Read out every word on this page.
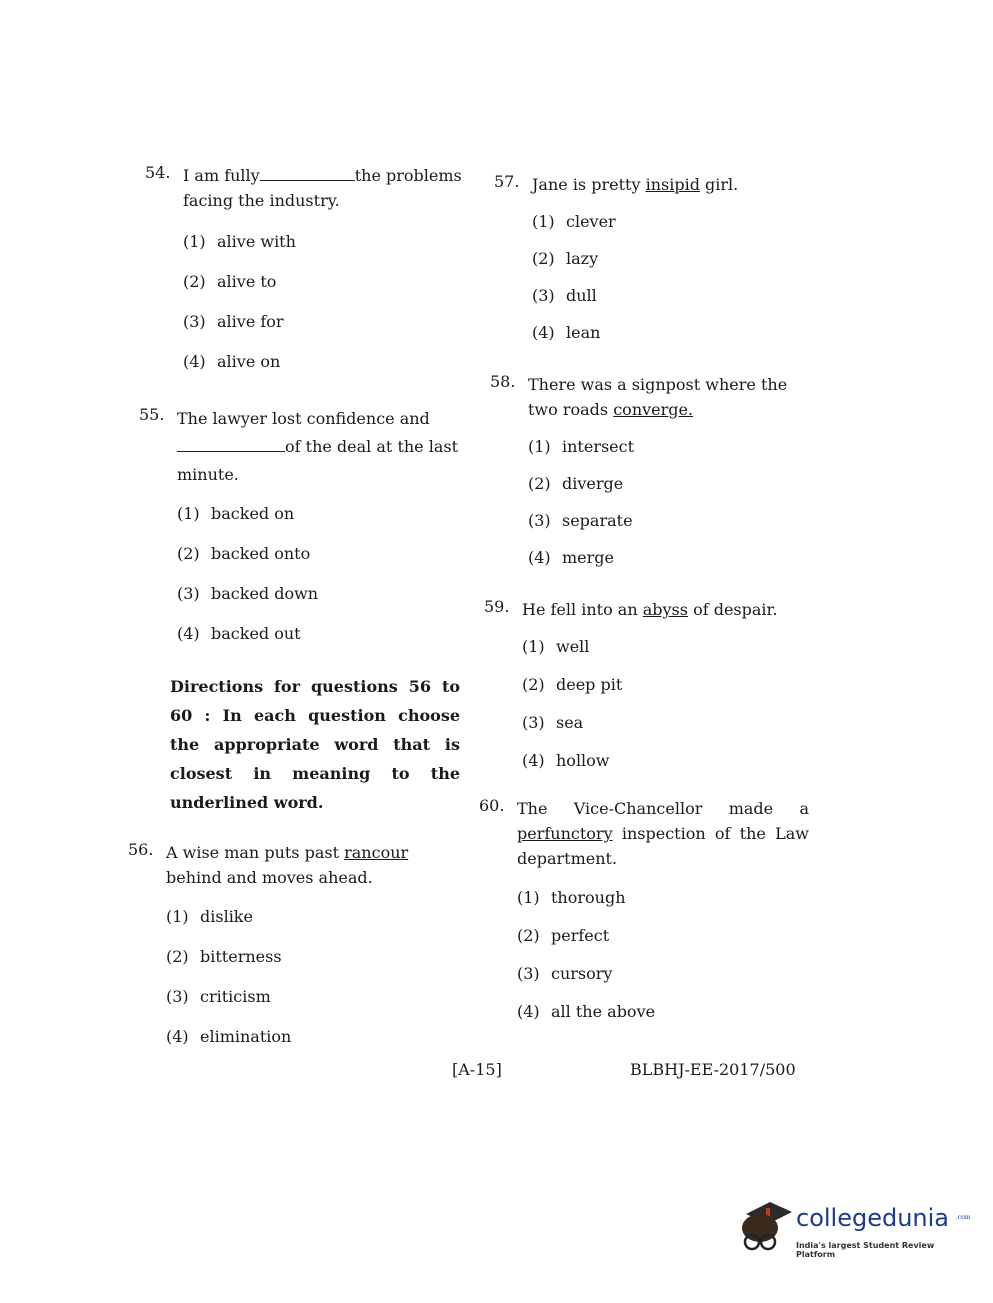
54. I am fully	the problems facing the industry.
(1) alive with
(2) alive to
(3) alive for
(4) alive on
55. The lawyer lost confidence and of the deal at the last minute.
(1) backed on
(2) backed onto
(3) backed down
(4) backed out
Directions for questions 56 to 60 : In each question choose the appropriate word that is closest in meaning to the underlined word.
56. A wise man puts past rancour behind and moves ahead.
(1) dislike
(2) bitterness
(3) criticism
(4) elimination
57. Jane is pretty insipid girl.
(1) clever
(2) lazy
(3) dull
(4) lean
58. There was a signpost where the two roads converge.
(1) intersect
(2) diverge
(3) separate
(4) merge
59. He fell into an abyss of despair.
(1) well
(2) deep pit
(3) sea
(4) hollow
60. The Vice-Chancellor made a perfunctory inspection of the Law department.
(1) thorough
(2) perfect
(3) cursory
(4) all the above
[A-15]	BLBHJ-EE-2017/500
collegedunia .com
India's largest Student Review Platform
